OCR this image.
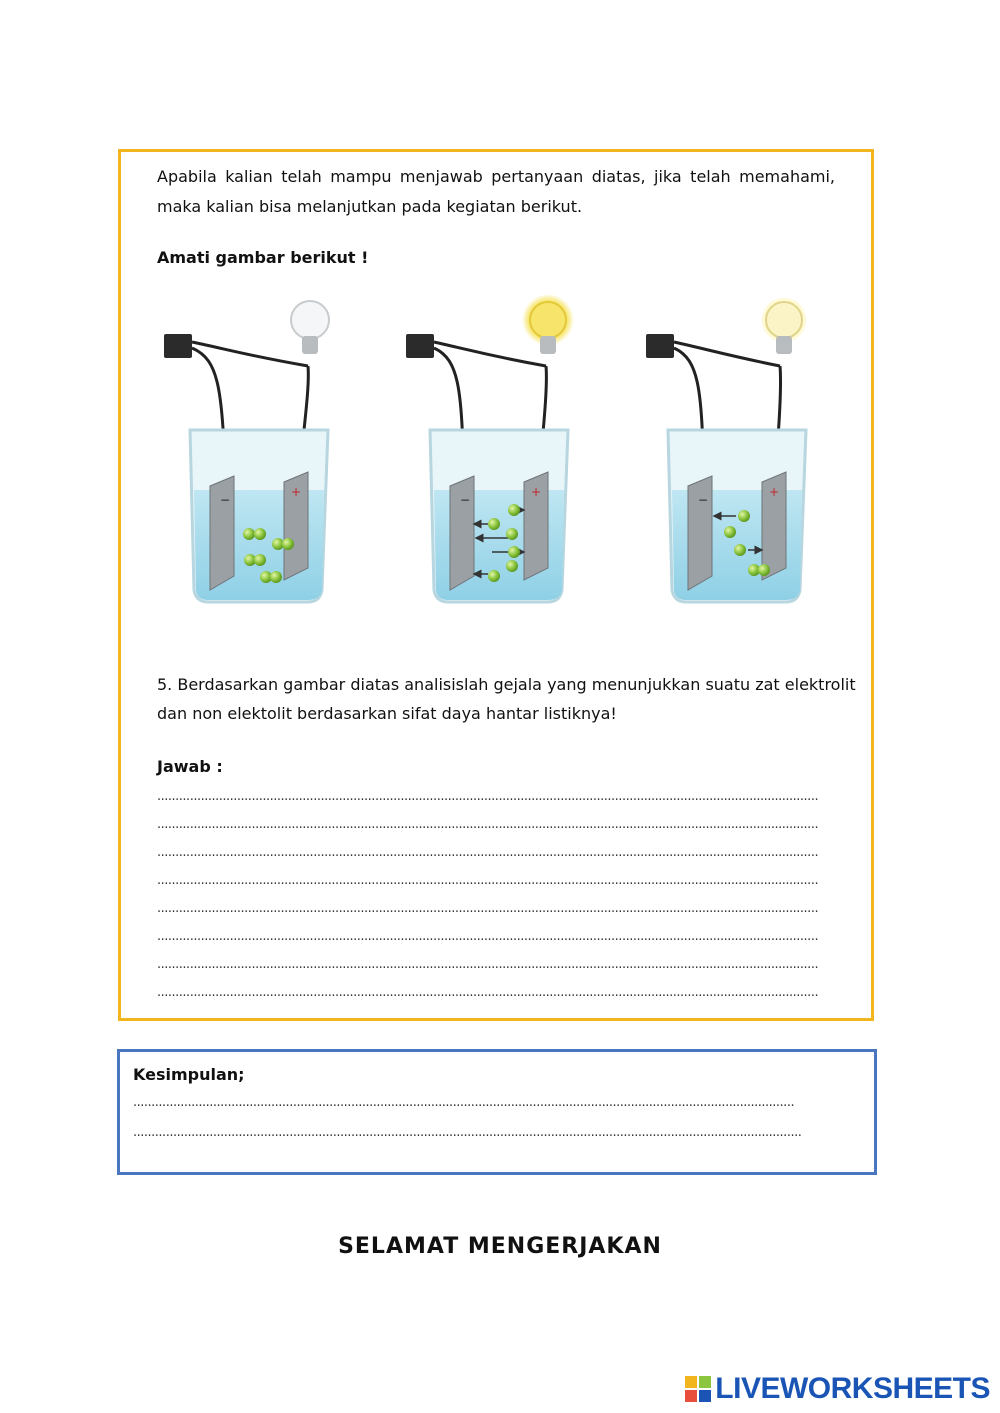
Apabila kalian telah mampu menjawab pertanyaan diatas, jika telah memahami, maka kalian bisa melanjutkan pada kegiatan berikut.
Amati gambar berikut !
−
+
−
+
−
+
5. Berdasarkan gambar diatas analisislah gejala yang menunjukkan suatu zat elektrolit dan non elektolit berdasarkan sifat daya hantar listiknya!
Jawab :
......................................................................................................................................................................................
......................................................................................................................................................................................
......................................................................................................................................................................................
......................................................................................................................................................................................
......................................................................................................................................................................................
......................................................................................................................................................................................
......................................................................................................................................................................................
......................................................................................................................................................................................
Kesimpulan;
......................................................................................................................................................................................
........................................................................................................................................................................................
SELAMAT MENGERJAKAN
LIVEWORKSHEETS
